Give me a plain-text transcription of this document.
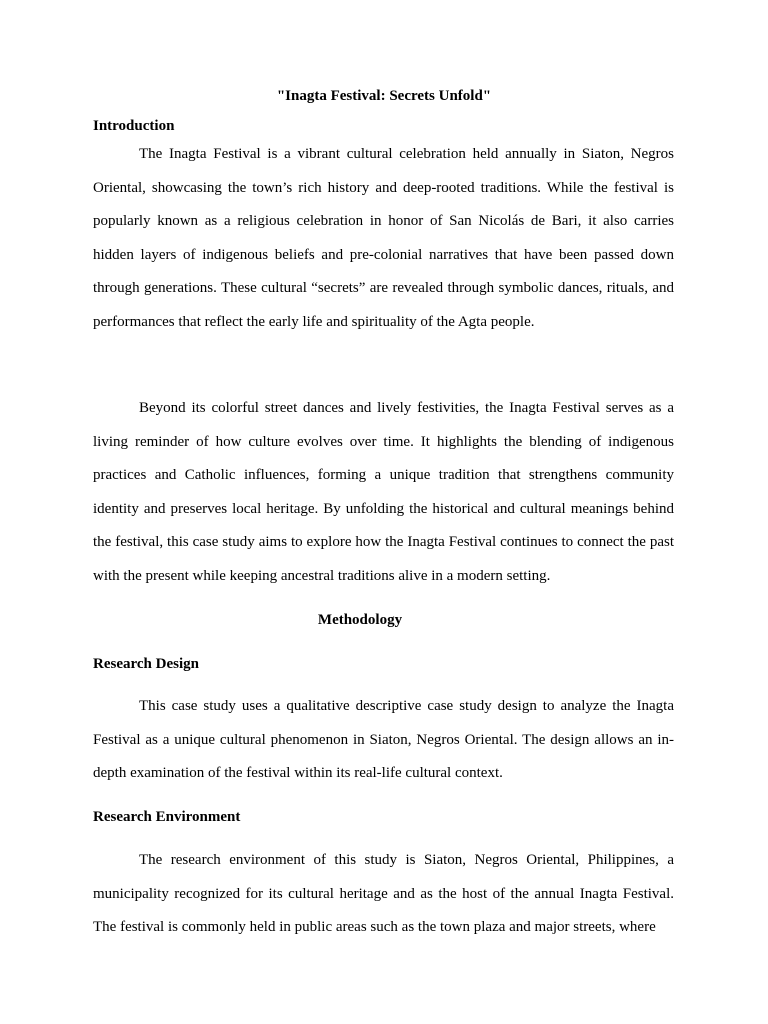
"Inagta Festival: Secrets Unfold"
Introduction

The Inagta Festival is a vibrant cultural celebration held annually in Siaton, Negros Oriental, showcasing the town’s rich history and deep-rooted traditions. While the festival is popularly known as a religious celebration in honor of San Nicolás de Bari, it also carries hidden layers of indigenous beliefs and pre-colonial narratives that have been passed down through generations. These cultural “secrets” are revealed through symbolic dances, rituals, and performances that reflect the early life and spirituality of the Agta people.

Beyond its colorful street dances and lively festivities, the Inagta Festival serves as a living reminder of how culture evolves over time. It highlights the blending of indigenous practices and Catholic influences, forming a unique tradition that strengthens community identity and preserves local heritage. By unfolding the historical and cultural meanings behind the festival, this case study aims to explore how the Inagta Festival continues to connect the past with the present while keeping ancestral traditions alive in a modern setting.

Methodology
Research Design

This case study uses a qualitative descriptive case study design to analyze the Inagta Festival as a unique cultural phenomenon in Siaton, Negros Oriental. The design allows an in-depth examination of the festival within its real-life cultural context.

Research Environment

The research environment of this study is Siaton, Negros Oriental, Philippines, a municipality recognized for its cultural heritage and as the host of the annual Inagta Festival. The festival is commonly held in public areas such as the town plaza and major streets, where
